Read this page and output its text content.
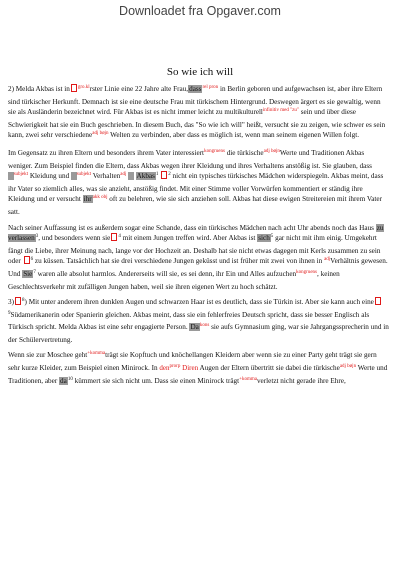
Downloadet fra Opgaver.com
So wie ich will

2) Melda Akbas ist in $^{gro.kl}$rster Linie eine 22 Jahre alte Frau,dass$^{rel pron}$ in Berlin geboren und aufgewachsen ist, aber ihre Eltern sind türkischer Herkunft. Demnach ist sie eine deutsche Frau mit türkischem Hintergrund. Deswegen ärgert es sie gewaltig, wenn sie als Ausländerin bezeichnet wird. Für Akbas ist es nicht immer leicht zu multikulturell$^{infinitiv med "zu"}$ sein und über diese Schwierigkeit hat sie ein Buch geschrieben. In diesem Buch, das "So wie ich will" heißt, versucht sie zu zeigen, wie schwer es sein kann, zwei sehr verschiedene$^{adj bøjn}$ Welten zu verbinden, aber dass es möglich ist, wenn man seinem eigenen Willen folgt.

Im Gegensatz zu ihren Eltern und besonders ihrem Vater interessiert$^{kongruens}$ die türkische$^{adj bøjn}$Werte und Traditionen Akbas weniger. Zum Beispiel finden die Eltern, dass Akbas wegen ihrer Kleidung und ihres Verhaltens anstößig ist. Sie glauben, dass   $^{subjekt}$ Kleidung und $^{subjekt}$ Verhalten$^{adj}$ Akbas$^1$ $^2$ nicht ein typisches türkisches Mädchen widerspiegeln. Akbas meint, dass ihr Vater so ziemlich alles, was sie anzieht, anstößig findet. Mit einer Stimme voller Vorwürfen kommentiert er ständig ihre Kleidung und er versucht ihr$^{akk obj}$ oft zu belehren, wie sie sich anziehen soll. Akbas hat diese ewigen Streitereien mit ihrem Vater satt.

Nach seiner Auffassung ist es außerdem sogar eine Schande, dass ein türkisches Mädchen nach acht Uhr abends noch das Haus zu verlassen$^3$, und besonders wenn sie $^4$ mit einem Jungen treffen wird. Aber Akbas ist sich$^5$ gar nicht mit ihm einig. Umgekehrt fängt die Liebe, ihrer Meinung nach, lange vor der Hochzeit an. Deshalb hat sie nicht etwas dagegen mit Kerls zusammen zu sein oder $^6$ zu küssen. Tatsächlich hat sie drei verschiedene Jungen geküsst und ist früher mit zwei von ihnen in $^{adj}$Verhältnis gewesen. Und Sie$^7$ waren alle absolut harmlos. Andererseits will sie, es sei denn, ihr Ein und Alles aufzuchen$^{kongruens}$, keinen Geschlechtsverkehr mit zufälligen Jungen haben, weil sie ihren eigenen Wert zu hoch schätzt.

3) $^8$) Mit unter anderem ihren dunklen Augen und schwarzen Haar ist es deutlich, dass sie Türkin ist. Aber sie kann auch eine$^9$Südamerikanerin oder Spanierin gleichen. Akbas meint, dass sie ein fehlerfreies Deutsch spricht, dass sie besser Englisch als Türkisch spricht. Melda Akbas ist eine sehr engagierte Person. $Da^{kons}$ sie aufs Gymnasium ging, war sie Jahrgangssprecherin und in der Schülervertretung.

Wenn sie zur Moschee geht$^{+komma}$trägt sie Kopftuch und knöchellangen Kleidern aber wenn sie zu einer Party geht trägt sie gern sehr kurze Kleider, zum Beispiel einen Minirock. In den$^{prorp}$ Diren Augen der Eltern übertritt sie dabei die türkische$^{adj bøjn}$ Werte und Traditionen, aber $da^{10}$ kümmert sie sich nicht um. Dass sie einen Minirock trägt$^{+komma}$verletzt nicht gerade ihre Ehre,
